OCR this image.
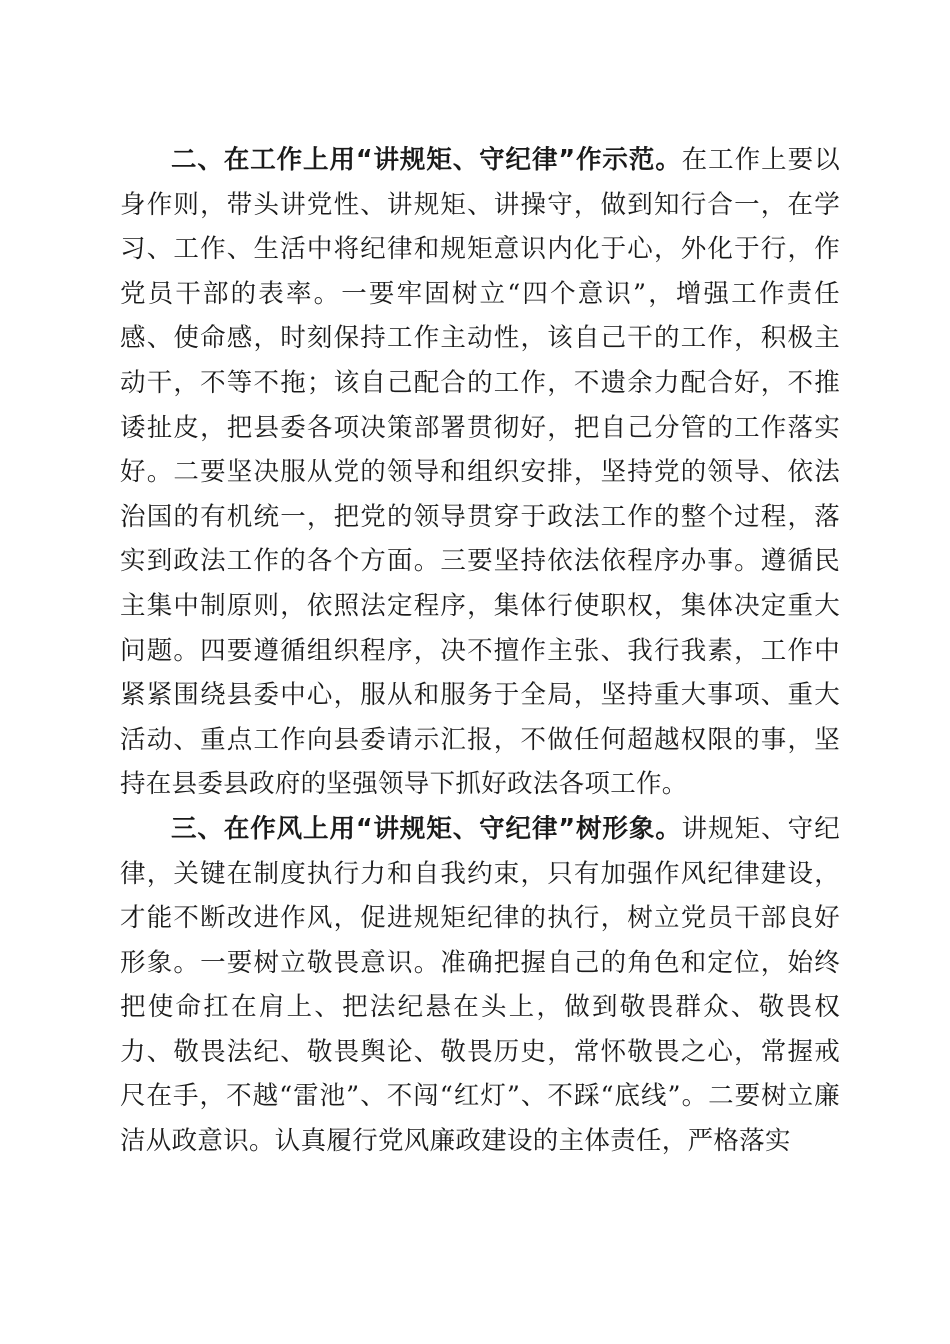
二、在工作上用“讲规矩、守纪律”作示范。在工作上要以身作则，带头讲党性、讲规矩、讲操守，做到知行合一，在学习、工作、生活中将纪律和规矩意识内化于心，外化于行，作党员干部的表率。一要牢固树立“四个意识”，增强工作责任感、使命感，时刻保持工作主动性，该自己干的工作，积极主动干，不等不拖；该自己配合的工作，不遗余力配合好，不推诿扯皮，把县委各项决策部署贯彻好，把自己分管的工作落实好。二要坚决服从党的领导和组织安排，坚持党的领导、依法治国的有机统一，把党的领导贯穿于政法工作的整个过程，落实到政法工作的各个方面。三要坚持依法依程序办事。遵循民主集中制原则，依照法定程序，集体行使职权，集体决定重大问题。四要遵循组织程序，决不擅作主张、我行我素，工作中紧紧围绕县委中心，服从和服务于全局，坚持重大事项、重大活动、重点工作向县委请示汇报，不做任何超越权限的事，坚持在县委县政府的坚强领导下抓好政法各项工作。

三、在作风上用“讲规矩、守纪律”树形象。讲规矩、守纪律，关键在制度执行力和自我约束，只有加强作风纪律建设，才能不断改进作风，促进规矩纪律的执行，树立党员干部良好形象。一要树立敬畏意识。准确把握自己的角色和定位，始终把使命扛在肩上、把法纪悬在头上，做到敬畏群众、敬畏权力、敬畏法纪、敬畏舆论、敬畏历史，常怀敬畏之心，常握戒尺在手，不越“雷池”、不闯“红灯”、不踩“底线”。二要树立廉洁从政意识。认真履行党风廉政建设的主体责任，严格落实
